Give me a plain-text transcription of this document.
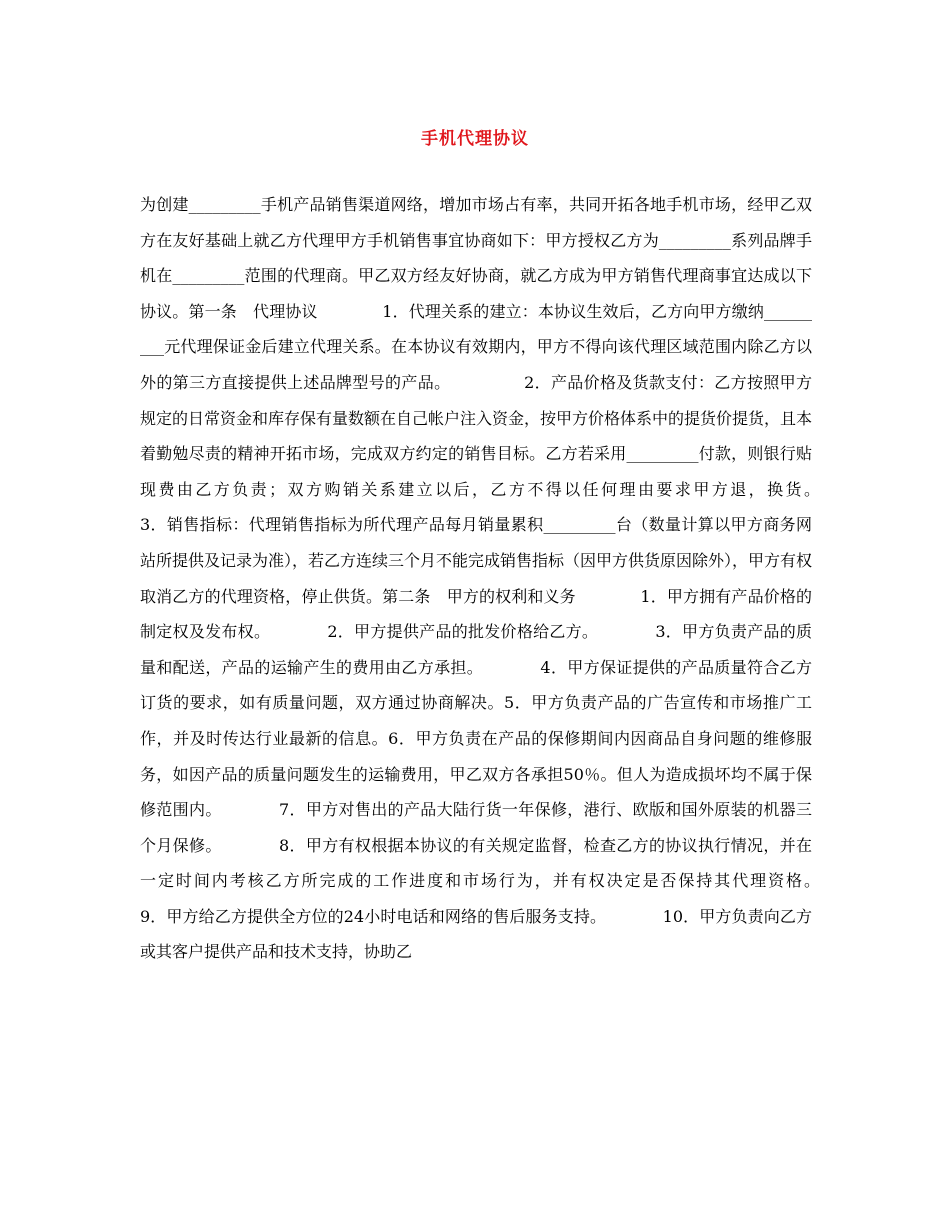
手机代理协议

为创建_________手机产品销售渠道网络，增加市场占有率，共同开拓各地手机市场，经甲乙双方在友好基础上就乙方代理甲方手机销售事宜协商如下：甲方授权乙方为_________系列品牌手机在_________范围的代理商。甲乙双方经友好协商，就乙方成为甲方销售代理商事宜达成以下协议。第一条　代理协议　　　　1．代理关系的建立：本协议生效后，乙方向甲方缴纳_________元代理保证金后建立代理关系。在本协议有效期内，甲方不得向该代理区域范围内除乙方以外的第三方直接提供上述品牌型号的产品。　　　　　2．产品价格及货款支付：乙方按照甲方规定的日常资金和库存保有量数额在自己帐户注入资金，按甲方价格体系中的提货价提货，且本着勤勉尽责的精神开拓市场，完成双方约定的销售目标。乙方若采用_________付款，则银行贴现费由乙方负责；双方购销关系建立以后，乙方不得以任何理由要求甲方退，换货。　　　　3．销售指标：代理销售指标为所代理产品每月销量累积_________台（数量计算以甲方商务网站所提供及记录为准），若乙方连续三个月不能完成销售指标（因甲方供货原因除外），甲方有权取消乙方的代理资格，停止供货。第二条　甲方的权利和义务　　　　1．甲方拥有产品价格的制定权及发布权。　　　　2．甲方提供产品的批发价格给乙方。　　　　3．甲方负责产品的质量和配送，产品的运输产生的费用由乙方承担。　　　　4．甲方保证提供的产品质量符合乙方订货的要求，如有质量问题，双方通过协商解决。5．甲方负责产品的广告宣传和市场推广工作，并及时传达行业最新的信息。6．甲方负责在产品的保修期间内因商品自身问题的维修服务，如因产品的质量问题发生的运输费用，甲乙双方各承担50％。但人为造成损坏均不属于保修范围内。　　　　7．甲方对售出的产品大陆行货一年保修，港行、欧版和国外原装的机器三个月保修。　　　　8．甲方有权根据本协议的有关规定监督，检查乙方的协议执行情况，并在一定时间内考核乙方所完成的工作进度和市场行为，并有权决定是否保持其代理资格。　　　　9．甲方给乙方提供全方位的24小时电话和网络的售后服务支持。　　　　10．甲方负责向乙方或其客户提供产品和技术支持，协助乙
